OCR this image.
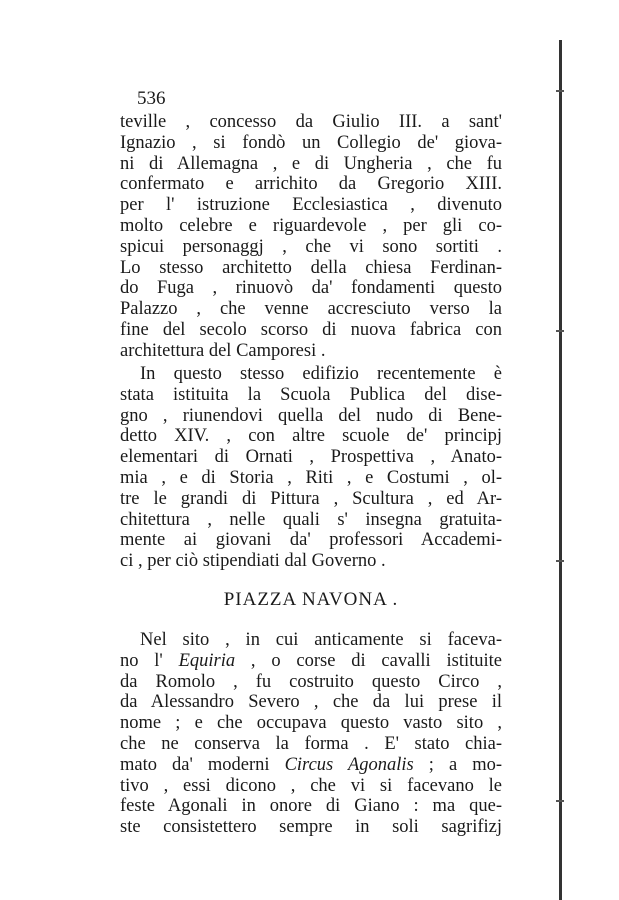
536
teville , concesso da Giulio III. a sant'
Ignazio , si fondò un Collegio de' giova-
ni di Allemagna , e di Ungheria , che fu
confermato e arrichito da Gregorio XIII.
per l' istruzione Ecclesiastica , divenuto
molto celebre e riguardevole , per gli co-
spicui personaggj , che vi sono sortiti .
Lo stesso architetto della chiesa Ferdinan-
do Fuga , rinuovò da' fondamenti questo
Palazzo , che venne accresciuto verso la
fine del secolo scorso di nuova fabrica con
architettura del Camporesi .
In questo stesso edifizio recentemente è
stata istituita la Scuola Publica del dise-
gno , riunendovi quella del nudo di Bene-
detto XIV. , con altre scuole de' principj
elementari di Ornati , Prospettiva , Anato-
mia , e di Storia , Riti , e Costumi , ol-
tre le grandi di Pittura , Scultura , ed Ar-
chitettura , nelle quali s' insegna gratuita-
mente ai giovani da' professori Accademi-
ci , per ciò stipendiati dal Governo .
PIAZZA NAVONA .
Nel sito , in cui anticamente si faceva-
no l' Equiria , o corse di cavalli istituite
da Romolo , fu costruito questo Circo ,
da Alessandro Severo , che da lui prese il
nome ; e che occupava questo vasto sito ,
che ne conserva la forma . E' stato chia-
mato da' moderni Circus Agonalis ; a mo-
tivo , essi dicono , che vi si facevano le
feste Agonali in onore di Giano : ma que-
ste consistettero sempre in soli sagrifizj
